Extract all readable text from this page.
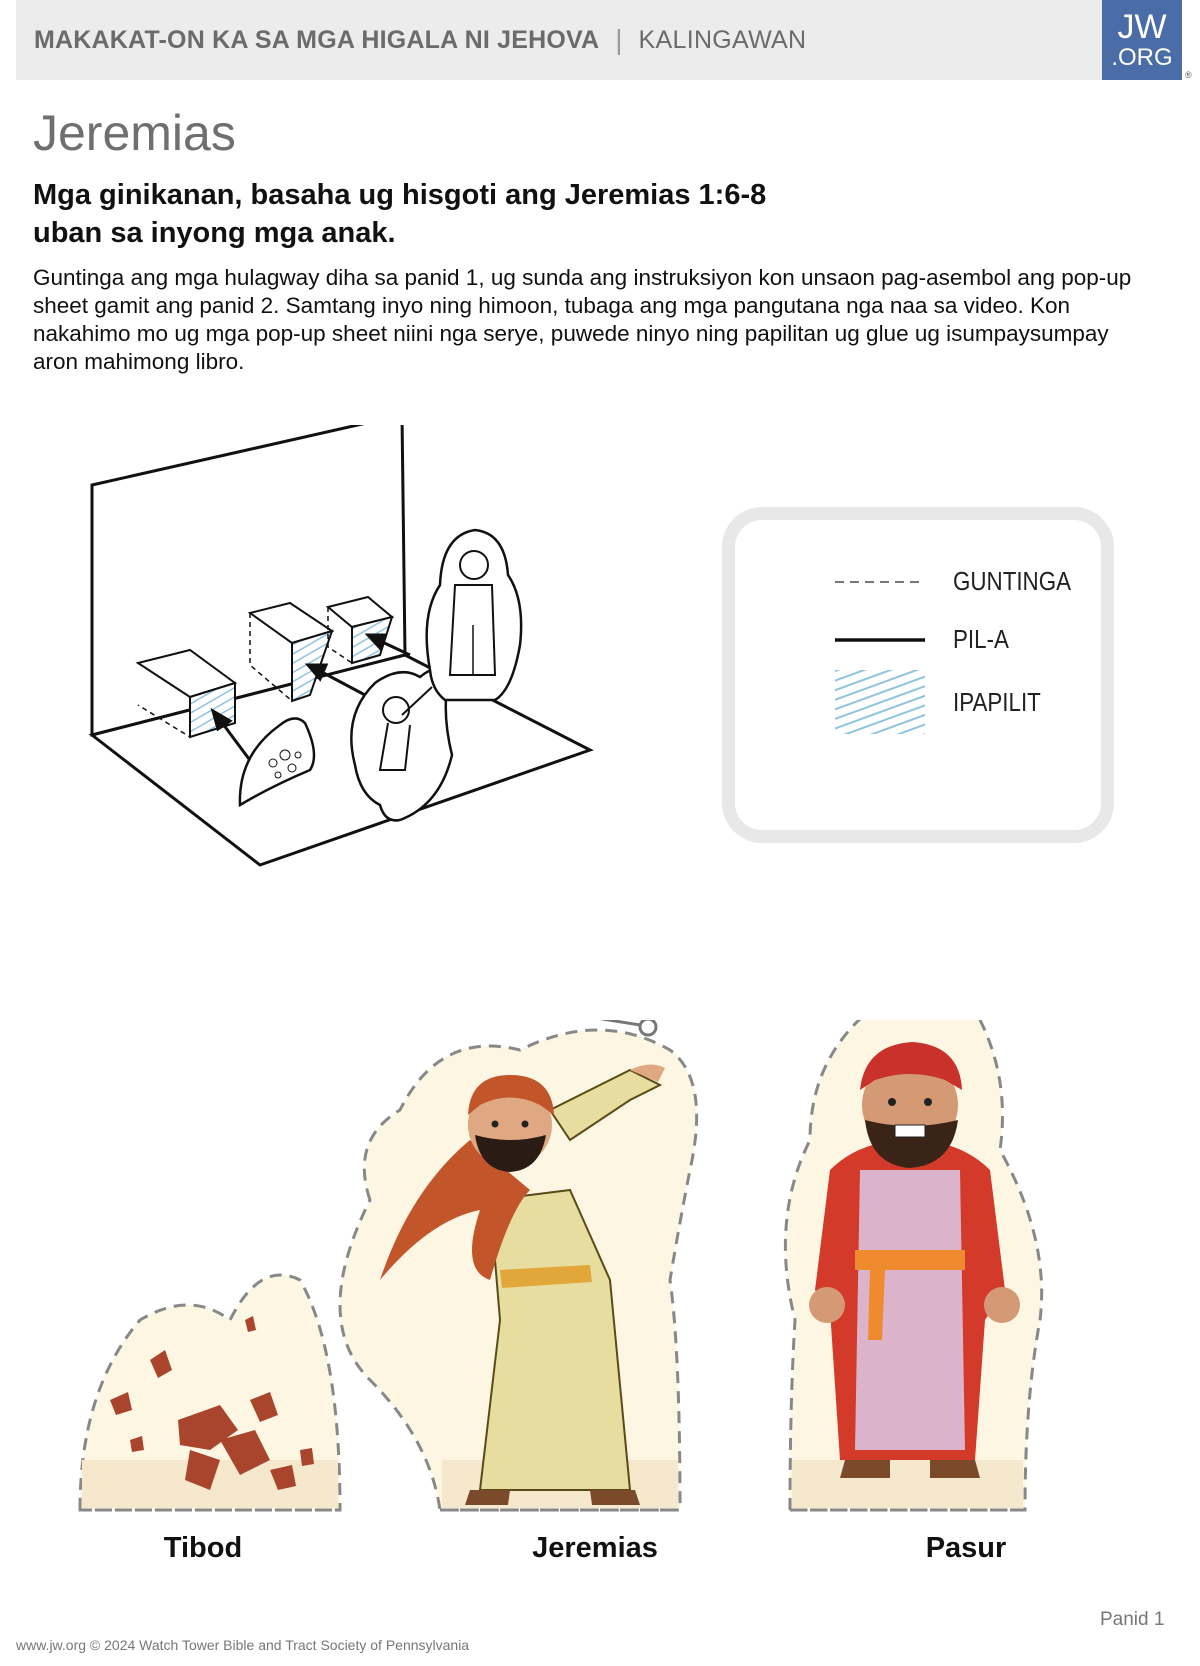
MAKAKAT-ON KA SA MGA HIGALA NI JEHOVA | KALINGAWAN	JW
.ORG
®
Jeremias
Mga ginikanan, basaha ug hisgoti ang Jeremias 1:6-8
uban sa inyong mga anak.

Guntinga ang mga hulagway diha sa panid 1, ug sunda ang instruksiyon kon unsaon pag-asembol ang pop-up sheet gamit ang panid 2. Samtang inyo ning himoon, tubaga ang mga pangutana nga naa sa video. Kon nakahimo mo ug mga pop-up sheet niini nga serye, puwede ninyo ning papilitan ug glue ug isumpaysumpay aron mahimong libro.

GUNTINGA
PIL-A
IPAPILIT
Tibod	Jeremias	Pasur
Panid 1
www.jw.org © 2024 Watch Tower Bible and Tract Society of Pennsylvania
